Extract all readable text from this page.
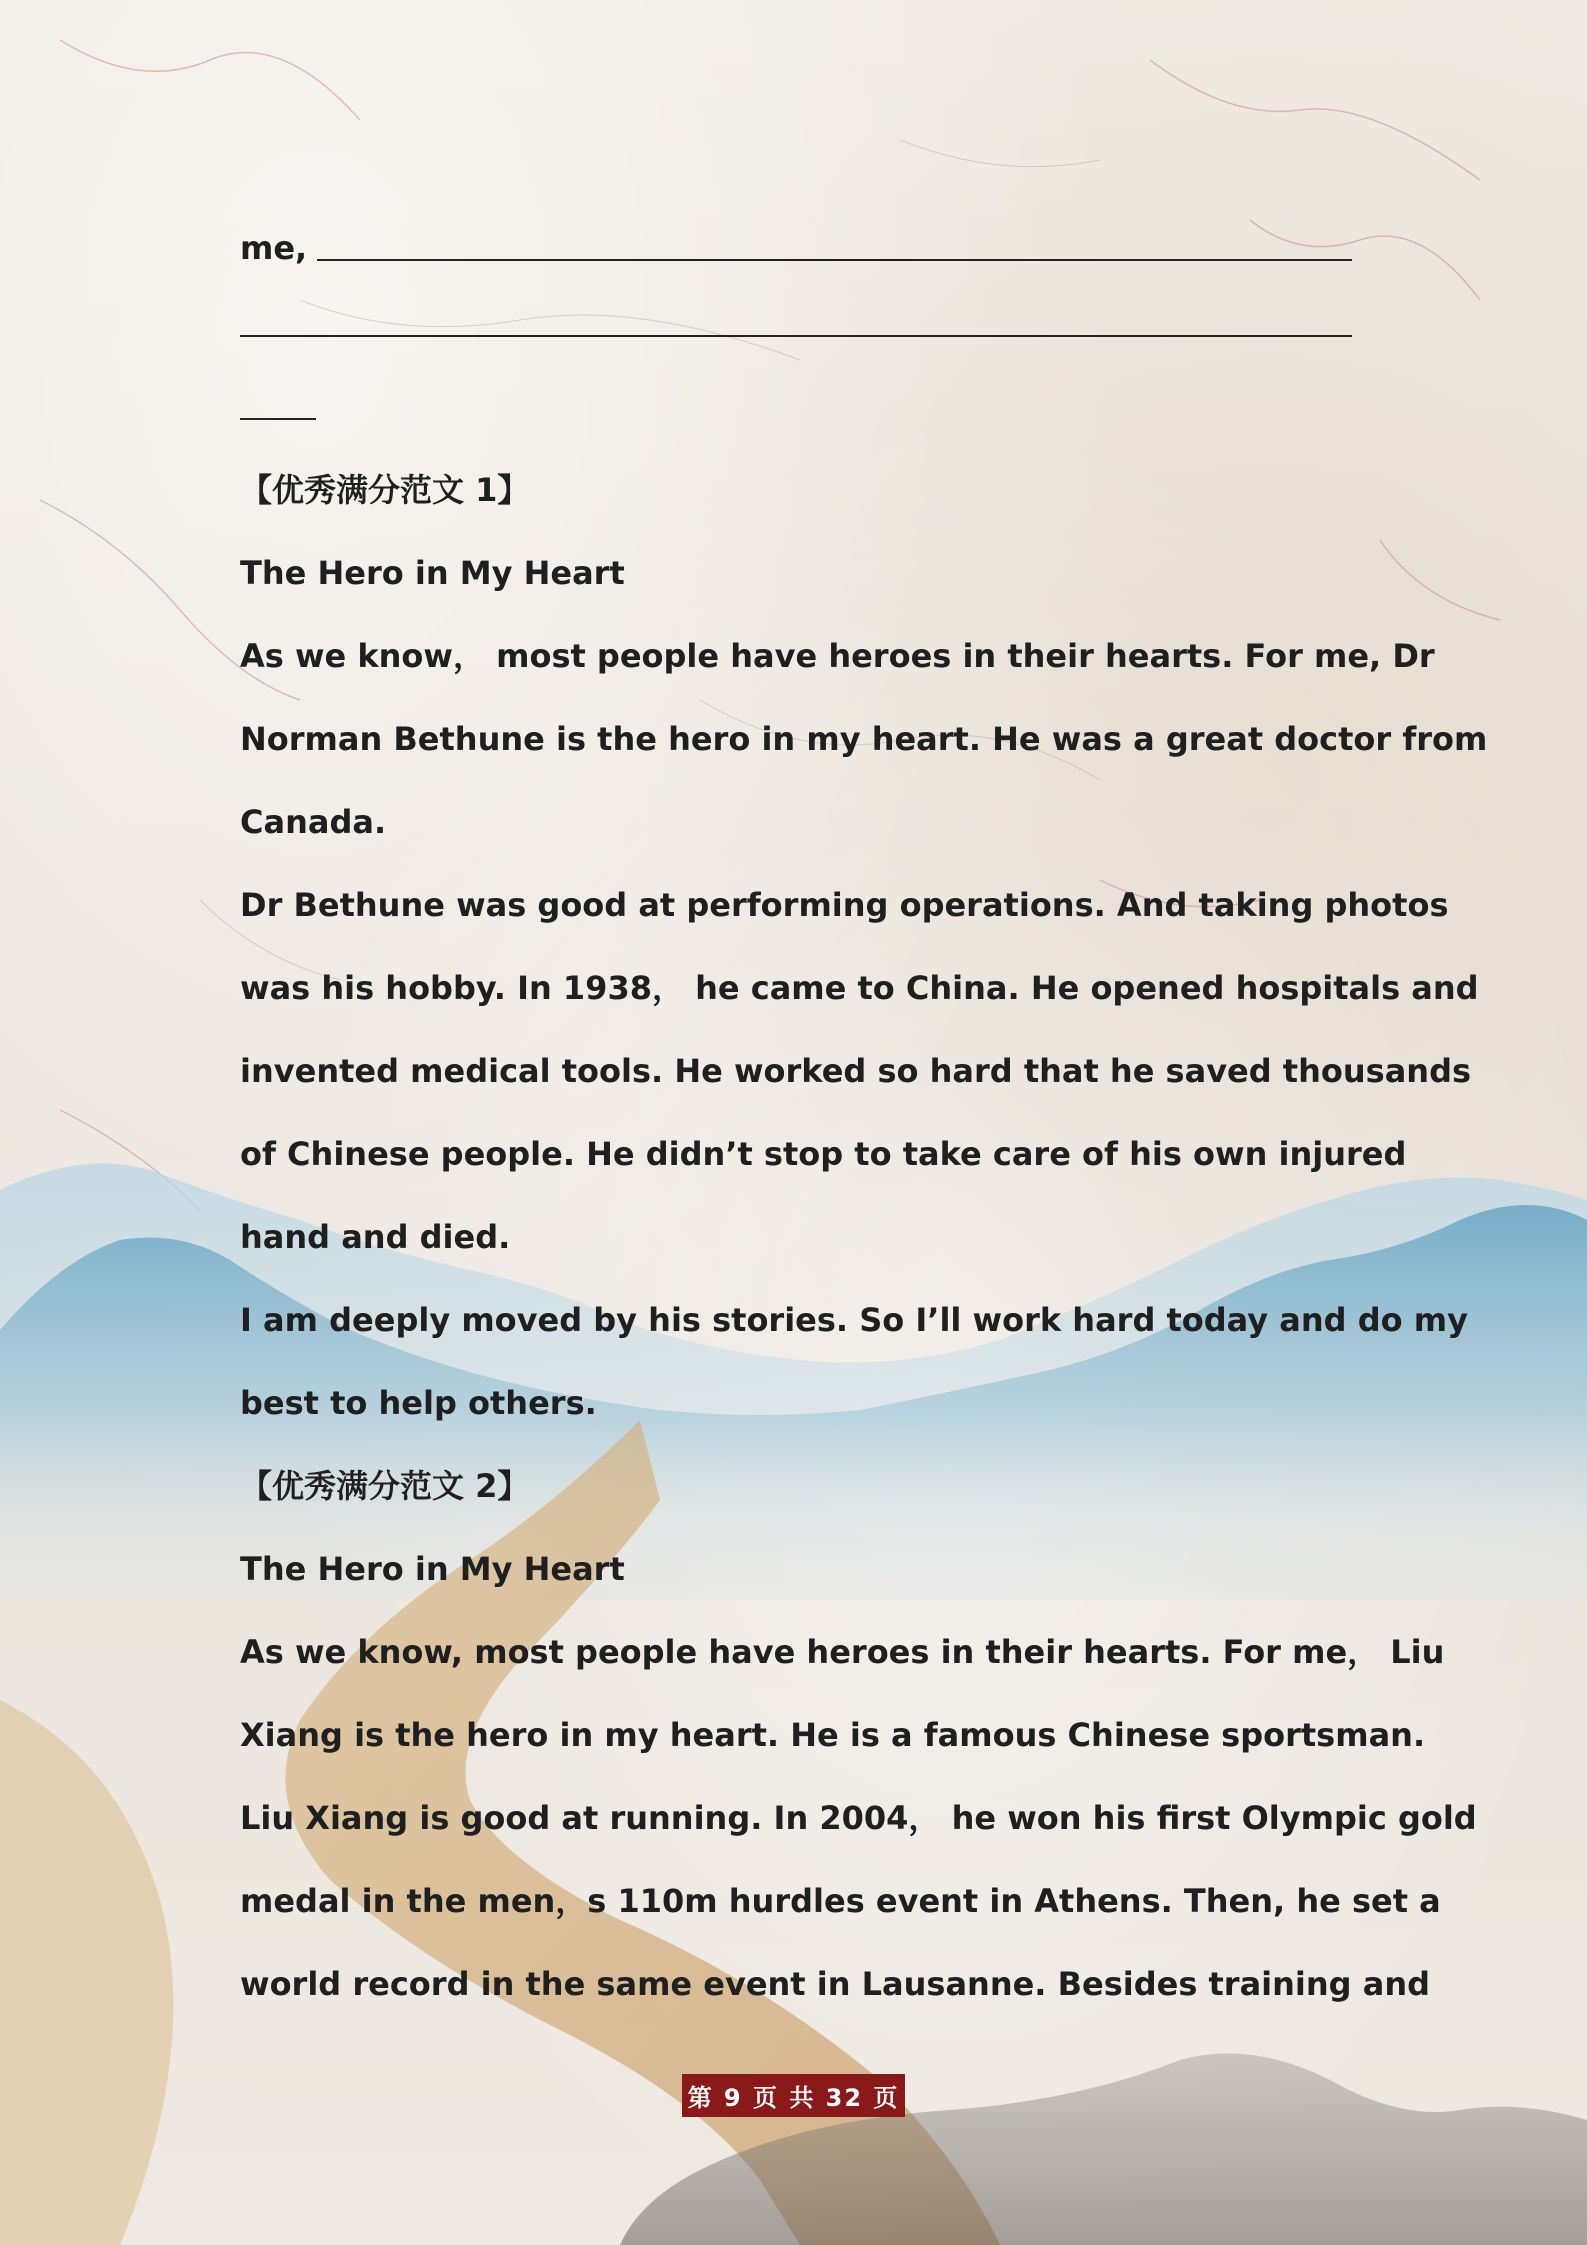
me,
【优秀满分范文 1】
The Hero in My Heart
As we know， most people have heroes in their hearts. For me, Dr
Norman Bethune is the hero in my heart. He was a great doctor from
Canada.
Dr Bethune was good at performing operations. And taking photos
was his hobby. In 1938， he came to China. He opened hospitals and
invented medical tools. He worked so hard that he saved thousands
of Chinese people. He didn’t stop to take care of his own injured
hand and died.
I am deeply moved by his stories. So I’ll work hard today and do my
best to help others.
【优秀满分范文 2】
The Hero in My Heart
As we know, most people have heroes in their hearts. For me， Liu
Xiang is the hero in my heart. He is a famous Chinese sportsman.
Liu Xiang is good at running. In 2004， he won his first Olympic gold
medal in the men，s 110m hurdles event in Athens. Then, he set a
world record in the same event in Lausanne. Besides training and
第 9 页 共 32 页
